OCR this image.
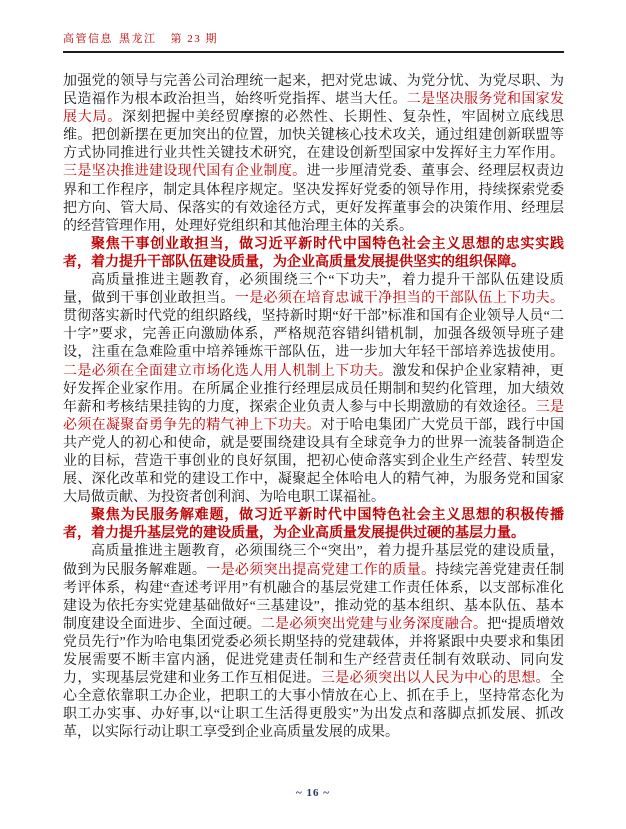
高管信息 黑龙江 第 23 期

加强党的领导与完善公司治理统一起来，把对党忠诚、为党分忧、为党尽职、为民造福作为根本政治担当，始终听党指挥、堪当大任。二是坚决服务党和国家发展大局。深刻把握中美经贸摩擦的必然性、长期性、复杂性，牢固树立底线思维。把创新摆在更加突出的位置，加快关键核心技术攻关，通过组建创新联盟等方式协同推进行业共性关键技术研究，在建设创新型国家中发挥好主力军作用。三是坚决推进建设现代国有企业制度。进一步厘清党委、董事会、经理层权责边界和工作程序，制定具体程序规定。坚决发挥好党委的领导作用，持续探索党委把方向、管大局、保落实的有效途径方式，更好发挥董事会的决策作用、经理层的经营管理作用，处理好党组织和其他治理主体的关系。

聚焦干事创业敢担当，做习近平新时代中国特色社会主义思想的忠实实践者，着力提升干部队伍建设质量，为企业高质量发展提供坚实的组织保障。

高质量推进主题教育，必须围绕三个“下功夫”，着力提升干部队伍建设质量，做到干事创业敢担当。一是必须在培育忠诚干净担当的干部队伍上下功夫。贯彻落实新时代党的组织路线，坚持新时期“好干部”标准和国有企业领导人员“二十字”要求，完善正向激励体系，严格规范容错纠错机制，加强各级领导班子建设，注重在急难险重中培养锤炼干部队伍，进一步加大年轻干部培养选拔使用。二是必须在全面建立市场化选人用人机制上下功夫。激发和保护企业家精神，更好发挥企业家作用。在所属企业推行经理层成员任期制和契约化管理，加大绩效年薪和考核结果挂钩的力度，探索企业负责人参与中长期激励的有效途径。三是必须在凝聚奋勇争先的精气神上下功夫。对于哈电集团广大党员干部，践行中国共产党人的初心和使命，就是要围绕建设具有全球竞争力的世界一流装备制造企业的目标，营造干事创业的良好氛围，把初心使命落实到企业生产经营、转型发展、深化改革和党的建设工作中，凝聚起全体哈电人的精气神，为服务党和国家大局做贡献、为投资者创利润、为哈电职工谋福祉。

聚焦为民服务解难题，做习近平新时代中国特色社会主义思想的积极传播者，着力提升基层党的建设质量，为企业高质量发展提供过硬的基层力量。

高质量推进主题教育，必须围绕三个“突出”，着力提升基层党的建设质量，做到为民服务解难题。一是必须突出提高党建工作的质量。持续完善党建责任制考评体系，构建“查述考评用”有机融合的基层党建工作责任体系，以支部标准化建设为依托夯实党建基础做好“三基建设”，推动党的基本组织、基本队伍、基本制度建设全面进步、全面过硬。二是必须突出党建与业务深度融合。把“提质增效党员先行”作为哈电集团党委必须长期坚持的党建载体，并将紧跟中央要求和集团发展需要不断丰富内涵，促进党建责任制和生产经营责任制有效联动、同向发力，实现基层党建和业务工作互相促进。三是必须突出以人民为中心的思想。全心全意依靠职工办企业，把职工的大事小情放在心上、抓在手上，坚持常态化为职工办实事、办好事,以“让职工生活得更殷实”为出发点和落脚点抓发展、抓改革，以实际行动让职工享受到企业高质量发展的成果。

~ 16 ~
